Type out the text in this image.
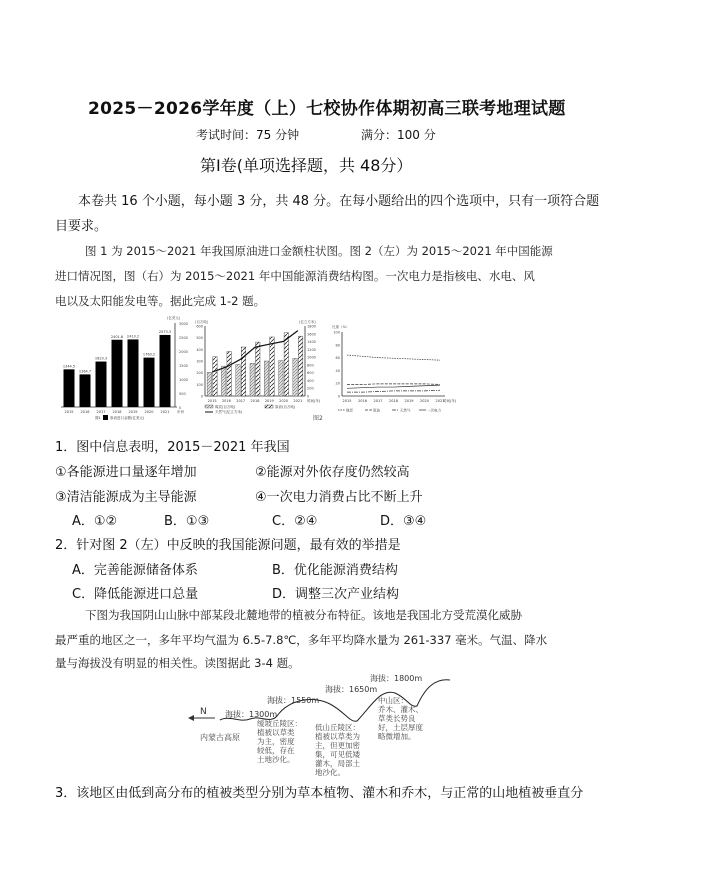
2025－2026学年度（上）七校协作体期初高三联考地理试题
考试时间：75 分钟	满分：100 分
第Ⅰ卷(单项选择题，共 48分）
本卷共 16 个小题，每小题 3 分，共 48 分。在每小题给出的四个选项中，只有一项符合题
目要求。
图 1 为 2015～2021 年我国原油进口金额柱状图。图 2（左）为 2015～2021 年中国能源
进口情况图，图（右）为 2015～2021 年中国能源消费结构图。一次电力是指核电、水电、风
电以及太阳能发电等。据此完成 1-2 题。
0
500
1000
1500
2000
2500
3000
(亿美元)
1344.5
2015
1164.7
2016
1623.3
2017
2401.6
2018
2413.2
2019
1763.2
2020
2573.3
2021 年份
图1	原油进口金额(亿美元)
0
100
200
300
400
500
600
0
200
400
600
800
1000
1200
1400
1600
1800
(百万吨)	(亿立方米)
2015 2016 2017 2018 2019 2020 2021 时间(年)
煤炭(百万吨)	原油(百万吨)
天然气(亿立方米)
图2
0
20
40
60
80
100
比重（%）
2015 2016 2017 2018 2019 2020 2021
时间(年)
煤炭	原油	天然气	一次电力
1．图中信息表明，2015－2021 年我国
①各能源进口量逐年增加	②能源对外依存度仍然较高
③清洁能源成为主导能源	④一次电力消费占比不断上升
A．①②	B．①③	C．②④	D．③④
2．针对图 2（左）中反映的我国能源问题，最有效的举措是
A．完善能源储备体系	B．优化能源消费结构
C．降低能源进口总量	D．调整三次产业结构
下图为我国阴山山脉中部某段北麓地带的植被分布特征。该地是我国北方受荒漠化威胁
最严重的地区之一，多年平均气温为 6.5-7.8℃，多年平均降水量为 261-337 毫米。气温、降水
量与海拔没有明显的相关性。读图据此 3-4 题。
N
内蒙古高原
海拔：1300m
海拔：1550m
海拔：1650m
海拔：1800m
缓坡丘陵区：植被以草类为主，密度较低，存在土地沙化。
低山丘陵区：植被以草类为主，但更加密集，可见低矮灌木，局部土地沙化。
中山区：乔木、灌木、草类长势良好，土层厚度略微增加。
3．该地区由低到高分布的植被类型分别为草本植物、灌木和乔木，与正常的山地植被垂直分
